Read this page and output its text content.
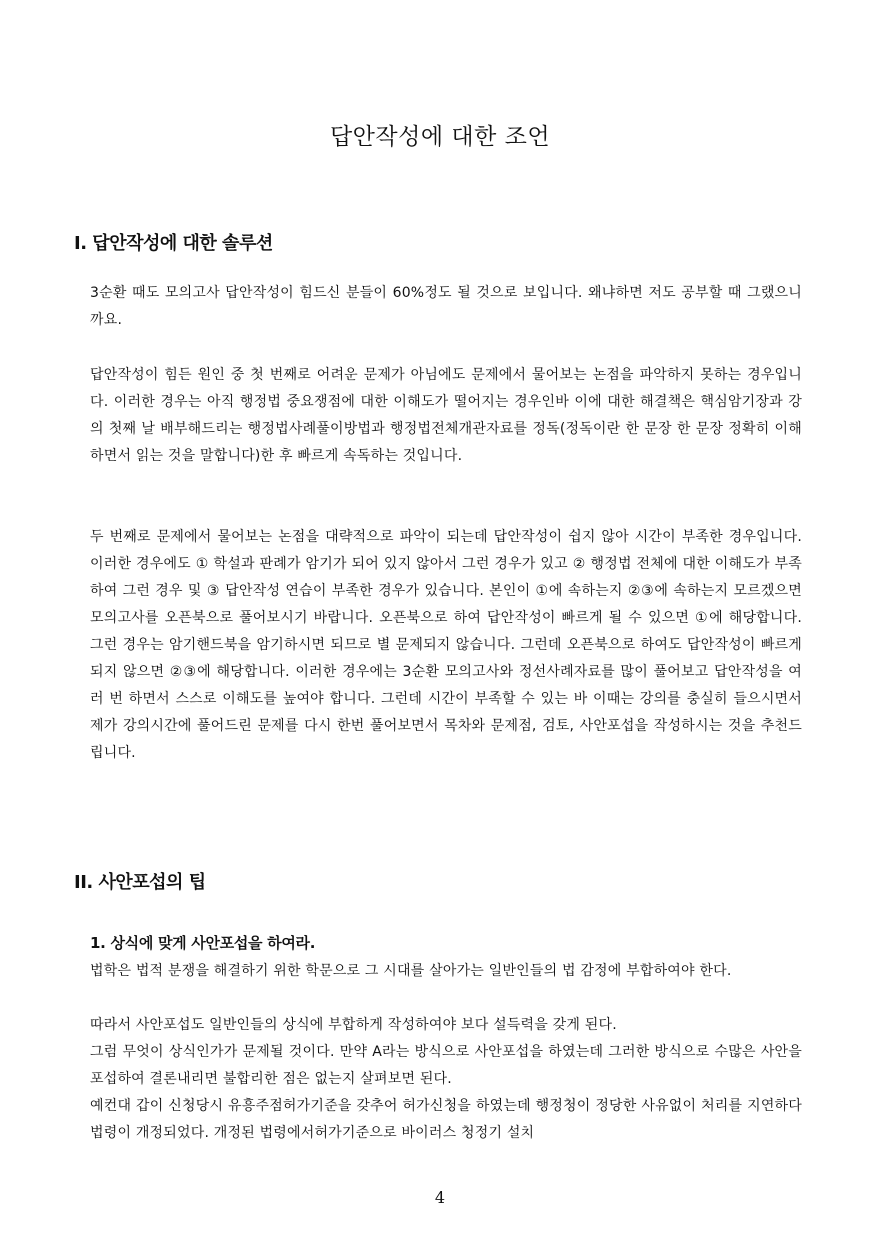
답안작성에 대한 조언
I. 답안작성에 대한 솔루션

3순환 때도 모의고사 답안작성이 힘드신 분들이 60%정도 될 것으로 보입니다. 왜냐하면 저도 공부할 때 그랬으니까요.

답안작성이 힘든 원인 중 첫 번째로 어려운 문제가 아님에도 문제에서 물어보는 논점을 파악하지 못하는 경우입니다. 이러한 경우는 아직 행정법 중요쟁점에 대한 이해도가 떨어지는 경우인바 이에 대한 해결책은 핵심암기장과 강의 첫째 날 배부해드리는 행정법사례풀이방법과 행정법전체개관자료를 정독(정독이란 한 문장 한 문장 정확히 이해하면서 읽는 것을 말합니다)한 후 빠르게 속독하는 것입니다.

두 번째로 문제에서 물어보는 논점을 대략적으로 파악이 되는데 답안작성이 쉽지 않아 시간이 부족한 경우입니다. 이러한 경우에도 ① 학설과 판례가 암기가 되어 있지 않아서 그런 경우가 있고 ② 행정법 전체에 대한 이해도가 부족하여 그런 경우 및 ③ 답안작성 연습이 부족한 경우가 있습니다. 본인이 ①에 속하는지 ②③에 속하는지 모르겠으면 모의고사를 오픈북으로 풀어보시기 바랍니다. 오픈북으로 하여 답안작성이 빠르게 될 수 있으면 ①에 해당합니다. 그런 경우는 암기핸드북을 암기하시면 되므로 별 문제되지 않습니다. 그런데 오픈북으로 하여도 답안작성이 빠르게 되지 않으면 ②③에 해당합니다. 이러한 경우에는 3순환 모의고사와 정선사례자료를 많이 풀어보고 답안작성을 여러 번 하면서 스스로 이해도를 높여야 합니다. 그런데 시간이 부족할 수 있는 바 이때는 강의를 충실히 들으시면서 제가 강의시간에 풀어드린 문제를 다시 한번 풀어보면서 목차와 문제점, 검토, 사안포섭을 작성하시는 것을 추천드립니다.

II. 사안포섭의 팁
1. 상식에 맞게 사안포섭을 하여라.

법학은 법적 분쟁을 해결하기 위한 학문으로 그 시대를 살아가는 일반인들의 법 감정에 부합하여야 한다.

따라서 사안포섭도 일반인들의 상식에 부합하게 작성하여야 보다 설득력을 갖게 된다.

그럼 무엇이 상식인가가 문제될 것이다. 만약 A라는 방식으로 사안포섭을 하였는데 그러한 방식으로 수많은 사안을 포섭하여 결론내리면 불합리한 점은 없는지 살펴보면 된다.

예컨대 갑이 신청당시 유흥주점허가기준을 갖추어 허가신청을 하였는데 행정청이 정당한 사유없이 처리를 지연하다 법령이 개정되었다. 개정된 법령에서허가기준으로 바이러스 청정기 설치

4
